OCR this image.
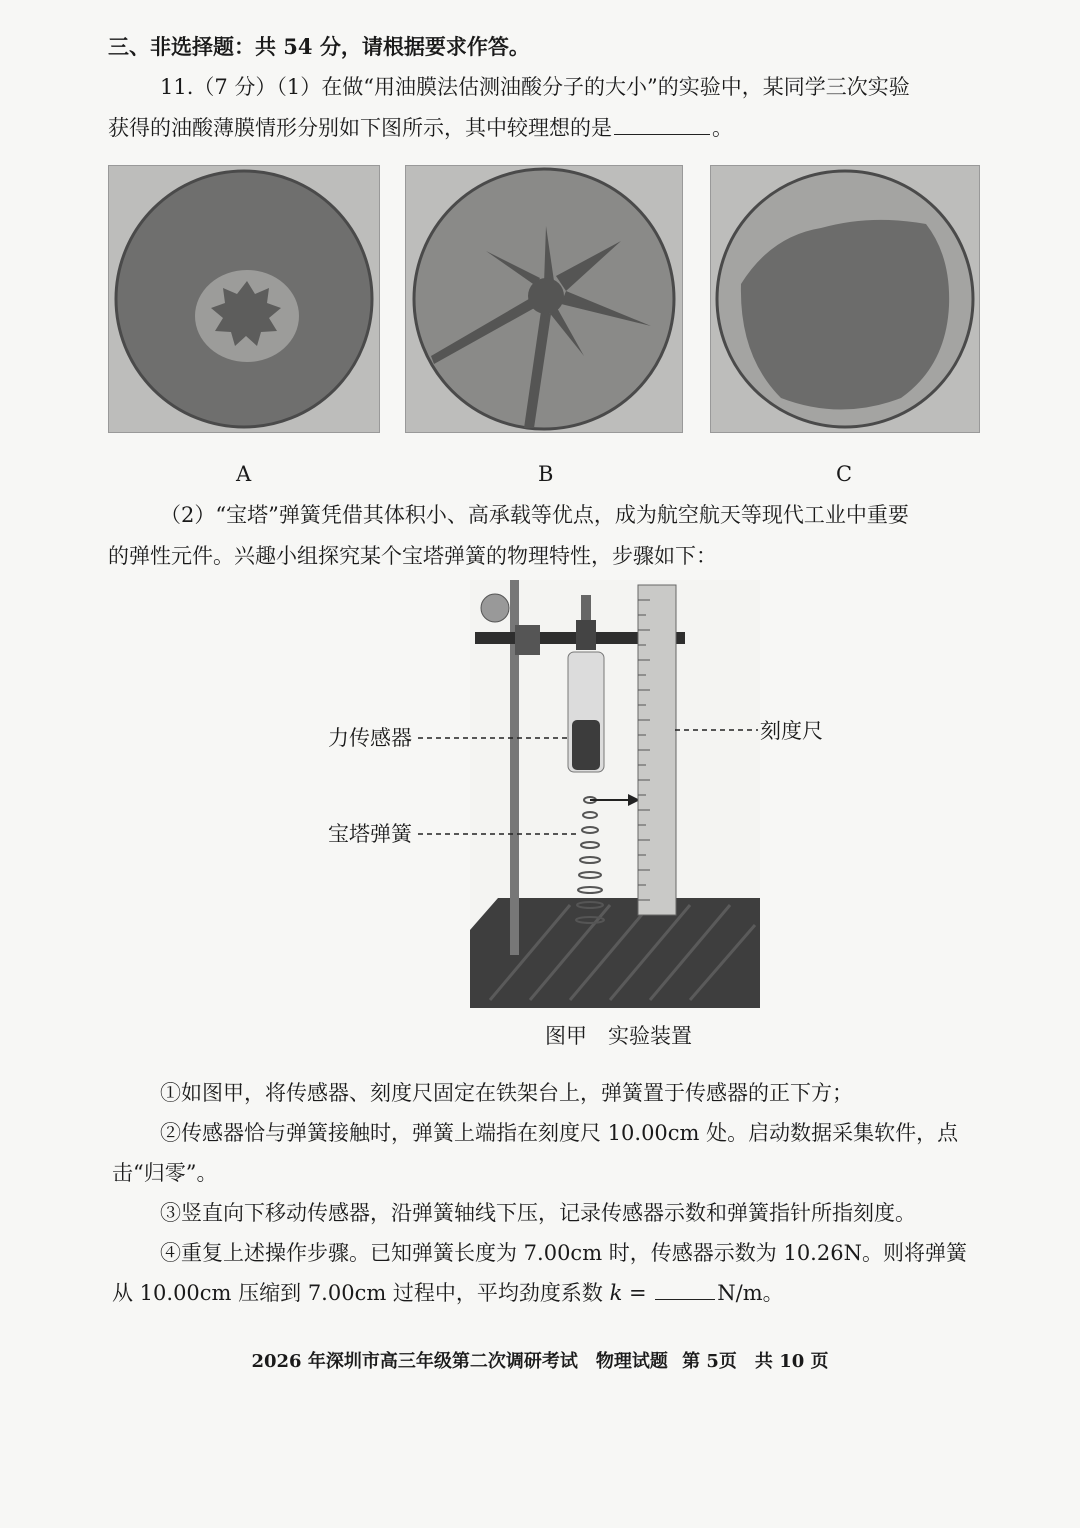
三、非选择题：共 54 分，请根据要求作答。
11.（7 分）（1）在做“用油膜法估测油酸分子的大小”的实验中，某同学三次实验
获得的油酸薄膜情形分别如下图所示，其中较理想的是	。
A	B	C
（2）“宝塔”弹簧凭借其体积小、高承载等优点，成为航空航天等现代工业中重要
的弹性元件。兴趣小组探究某个宝塔弹簧的物理特性，步骤如下：
力传感器	刻度尺
宝塔弹簧
图甲　实验装置
①如图甲，将传感器、刻度尺固定在铁架台上，弹簧置于传感器的正下方；
②传感器恰与弹簧接触时，弹簧上端指在刻度尺 10.00cm 处。启动数据采集软件，点
击“归零”。
③竖直向下移动传感器，沿弹簧轴线下压，记录传感器示数和弹簧指针所指刻度。
④重复上述操作步骤。已知弹簧长度为 7.00cm 时，传感器示数为 10.26N。则将弹簧
从 10.00cm 压缩到 7.00cm 过程中，平均劲度系数 k =	N/m。
2026 年深圳市高三年级第二次调研考试　物理试题 第 5页　共 10 页
